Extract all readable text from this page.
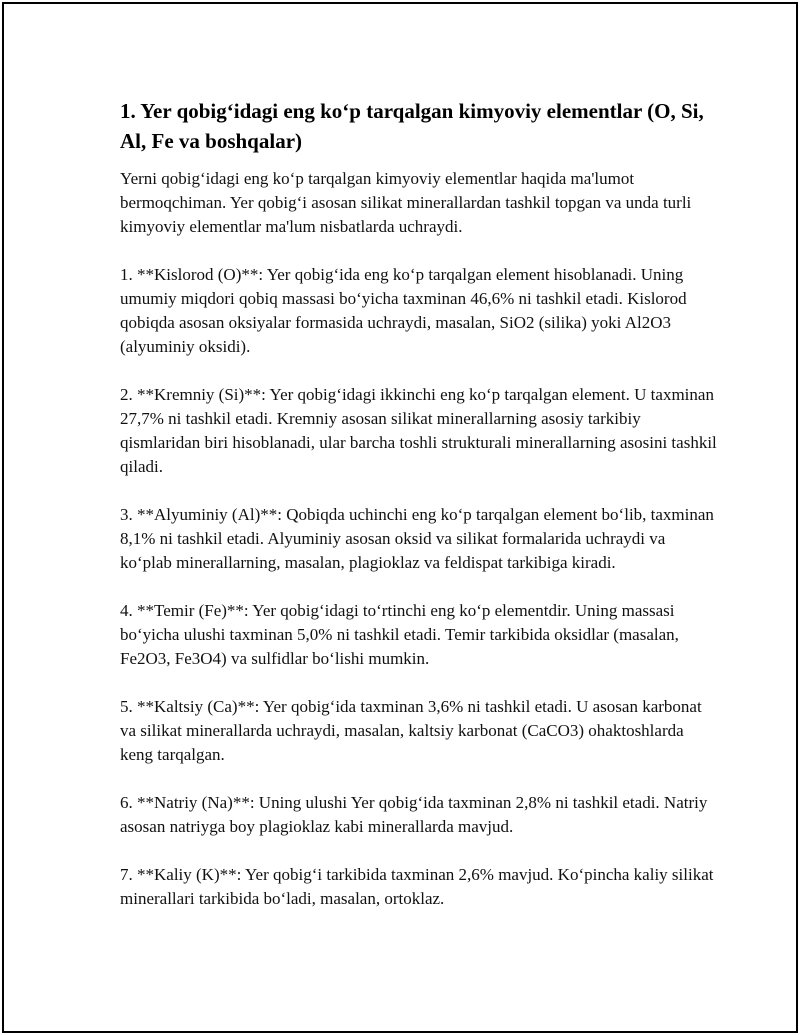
1. Yer qobig‘idagi eng ko‘p tarqalgan kimyoviy elementlar (O, Si, Al, Fe va boshqalar)

Yerni qobig‘idagi eng ko‘p tarqalgan kimyoviy elementlar haqida ma'lumot bermoqchiman. Yer qobig‘i asosan silikat minerallardan tashkil topgan va unda turli kimyoviy elementlar ma'lum nisbatlarda uchraydi.

1. **Kislorod (O)**: Yer qobig‘ida eng ko‘p tarqalgan element hisoblanadi. Uning umumiy miqdori qobiq massasi bo‘yicha taxminan 46,6% ni tashkil etadi. Kislorod qobiqda asosan oksiyalar formasida uchraydi, masalan, SiO2 (silika) yoki Al2O3 (alyuminiy oksidi).

2. **Kremniy (Si)**: Yer qobig‘idagi ikkinchi eng ko‘p tarqalgan element. U taxminan 27,7% ni tashkil etadi. Kremniy asosan silikat minerallarning asosiy tarkibiy qismlaridan biri hisoblanadi, ular barcha toshli strukturali minerallarning asosini tashkil qiladi.

3. **Alyuminiy (Al)**: Qobiqda uchinchi eng ko‘p tarqalgan element bo‘lib, taxminan 8,1% ni tashkil etadi. Alyuminiy asosan oksid va silikat formalarida uchraydi va ko‘plab minerallarning, masalan, plagioklaz va feldispat tarkibiga kiradi.

4. **Temir (Fe)**: Yer qobig‘idagi to‘rtinchi eng ko‘p elementdir. Uning massasi bo‘yicha ulushi taxminan 5,0% ni tashkil etadi. Temir tarkibida oksidlar (masalan, Fe2O3, Fe3O4) va sulfidlar bo‘lishi mumkin.

5. **Kaltsiy (Ca)**: Yer qobig‘ida taxminan 3,6% ni tashkil etadi. U asosan karbonat va silikat minerallarda uchraydi, masalan, kaltsiy karbonat (CaCO3) ohaktoshlarda keng tarqalgan.

6. **Natriy (Na)**: Uning ulushi Yer qobig‘ida taxminan 2,8% ni tashkil etadi. Natriy asosan natriyga boy plagioklaz kabi minerallarda mavjud.

7. **Kaliy (K)**: Yer qobig‘i tarkibida taxminan 2,6% mavjud. Ko‘pincha kaliy silikat minerallari tarkibida bo‘ladi, masalan, ortoklaz.
